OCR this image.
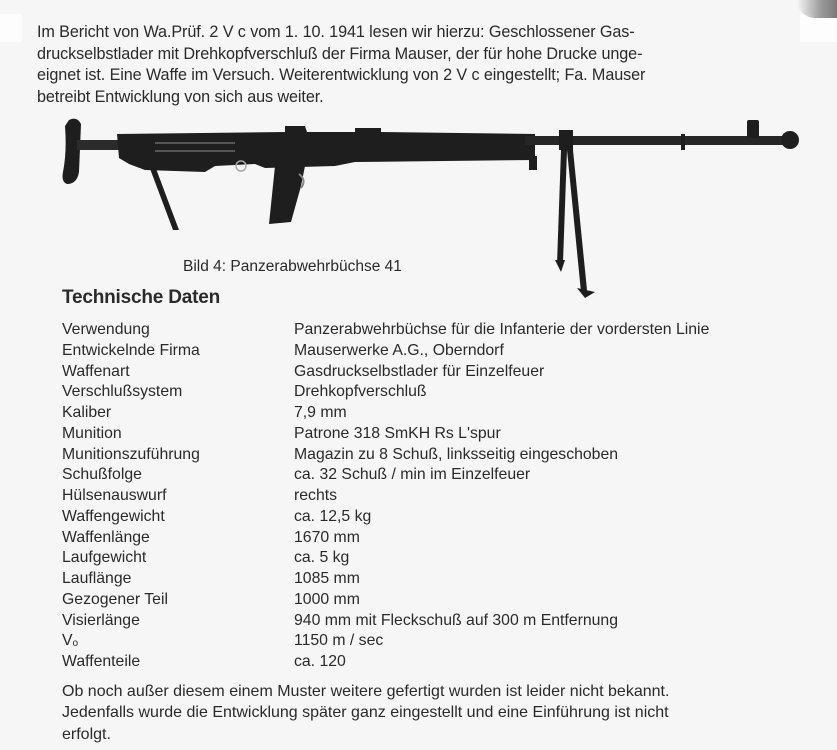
Im Bericht von Wa.Prüf. 2 V c vom 1. 10. 1941 lesen wir hierzu: Geschlossener Gas-
druckselbstlader mit Drehkopfverschluß der Firma Mauser, der für hohe Drucke unge-
eignet ist. Eine Waffe im Versuch. Weiterentwicklung von 2 V c eingestellt; Fa. Mauser
betreibt Entwicklung von sich aus weiter.
Bild 4: Panzerabwehrbüchse 41
Technische Daten
Verwendung	Panzerabwehrbüchse für die Infanterie der vordersten Linie
Entwickelnde Firma	Mauserwerke A.G., Oberndorf
Waffenart	Gasdruckselbstlader für Einzelfeuer
Verschlußsystem	Drehkopfverschluß
Kaliber	7,9 mm
Munition	Patrone 318 SmKH Rs L'spur
Munitionszuführung	Magazin zu 8 Schuß, linksseitig eingeschoben
Schußfolge	ca. 32 Schuß / min im Einzelfeuer
Hülsenauswurf	rechts
Waffengewicht	ca. 12,5 kg
Waffenlänge	1670 mm
Laufgewicht	ca. 5 kg
Lauflänge	1085 mm
Gezogener Teil	1000 mm
Visierlänge	940 mm mit Fleckschuß auf 300 m Entfernung
$V_o$	1150 m / sec
Waffenteile	ca. 120
Ob noch außer diesem einem Muster weitere gefertigt wurden ist leider nicht bekannt.
Jedenfalls wurde die Entwicklung später ganz eingestellt und eine Einführung ist nicht
erfolgt.
